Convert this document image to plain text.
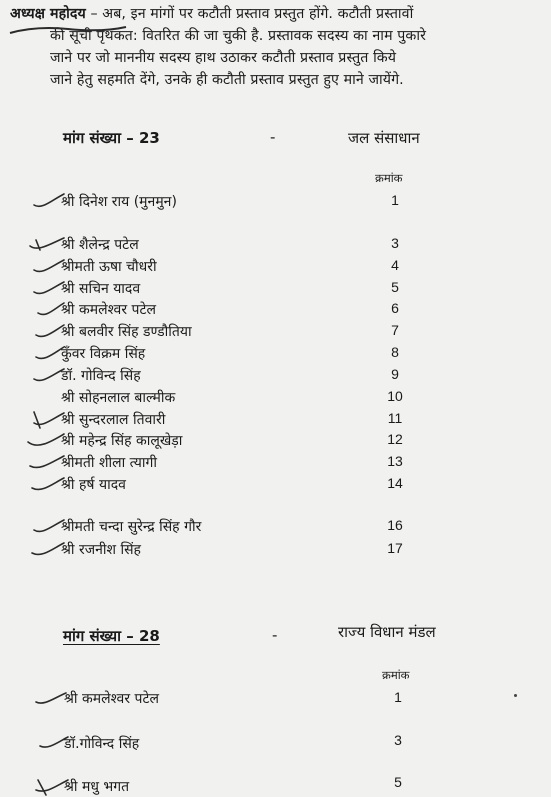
अध्यक्ष महोदय – अब, इन मांगों पर कटौती प्रस्ताव प्रस्तुत होंगे. कटौती प्रस्तावों
की सूची पृथकत: वितरित की जा चुकी है. प्रस्तावक सदस्य का नाम पुकारे
जाने पर जो माननीय सदस्य हाथ उठाकर कटौती प्रस्ताव प्रस्तुत किये
जाने हेतु सहमति देंगे, उनके ही कटौती प्रस्ताव प्रस्तुत हुए माने जायेंगे.
मांग संख्या – 23	-	जल संसाधान
क्रमांक
श्री दिनेश राय (मुनमुन)	1
श्री शैलेन्द्र पटेल	3
श्रीमती ऊषा चौधरी	4
श्री सचिन यादव	5
श्री कमलेश्वर पटेल	6
श्री बलवीर सिंह डण्डौतिया	7
कुँवर विक्रम सिंह	8
डॉ. गोविन्द सिंह	9
श्री सोहनलाल बाल्मीक	10
श्री सुन्दरलाल तिवारी	11
श्री महेन्द्र सिंह कालूखेड़ा	12
श्रीमती शीला त्यागी	13
श्री हर्ष यादव	14
श्रीमती चन्दा सुरेन्द्र सिंह गौर	16
श्री रजनीश सिंह	17
मांग संख्या – 28	-	राज्य विधान मंडल
क्रमांक
श्री कमलेश्वर पटेल	1
डॉ.गोविन्द सिंह	3
श्री मधु भगत	5
